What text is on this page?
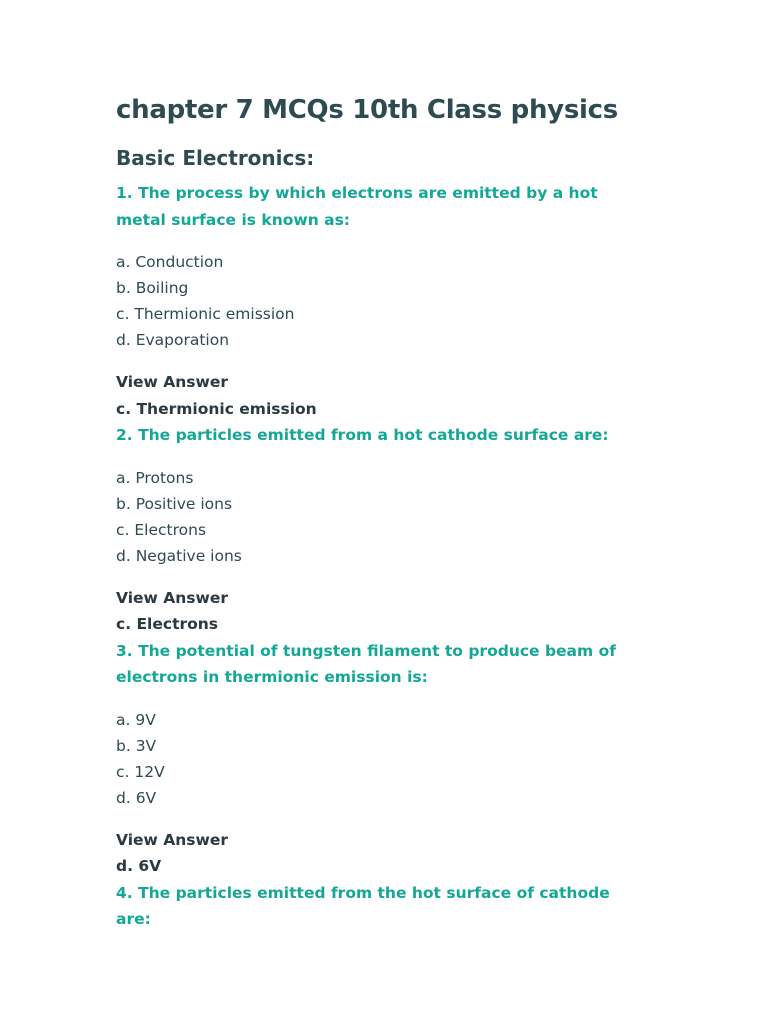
chapter 7 MCQs 10th Class physics
Basic Electronics:

1. The process by which electrons are emitted by a hot metal surface is known as:

a. Conduction
b. Boiling
c. Thermionic emission
d. Evaporation
View Answer

c. Thermionic emission

2. The particles emitted from a hot cathode surface are:

a. Protons
b. Positive ions
c. Electrons
d. Negative ions
View Answer

c. Electrons

3. The potential of tungsten filament to produce beam of electrons in thermionic emission is:

a. 9V
b. 3V
c. 12V
d. 6V
View Answer

d. 6V

4. The particles emitted from the hot surface of cathode are:
